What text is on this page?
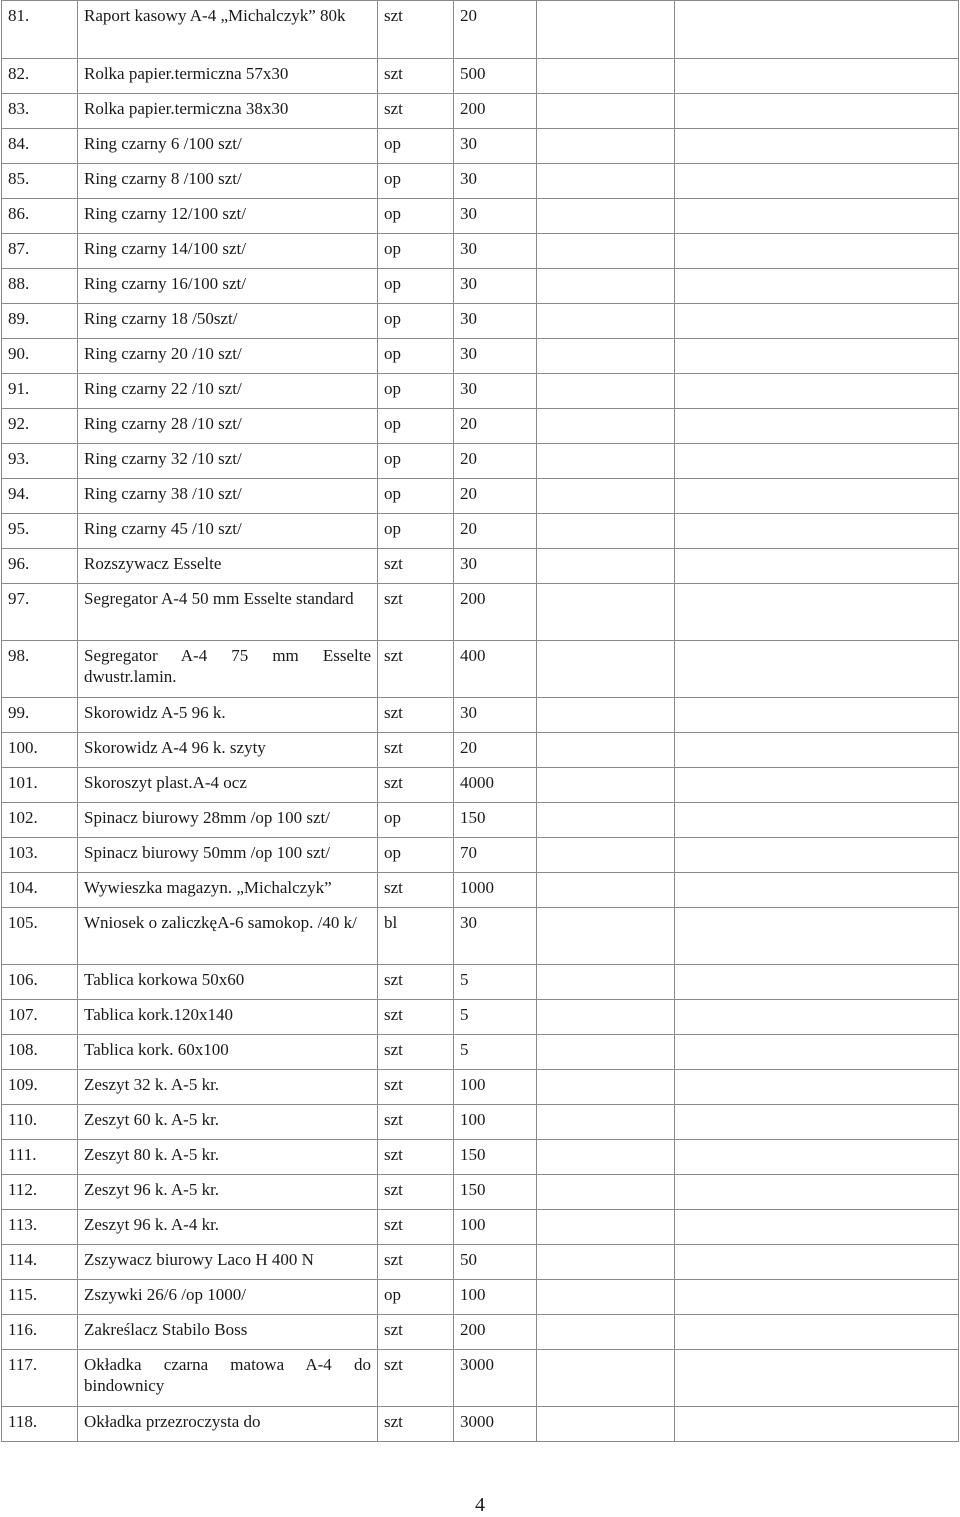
81.	Raport kasowy A-4 „Michalczyk” 80k	szt	20		
82.	Rolka papier.termiczna 57x30	szt	500		
83.	Rolka papier.termiczna 38x30	szt	200		
84.	Ring czarny 6 /100 szt/	op	30		
85.	Ring czarny 8 /100 szt/	op	30		
86.	Ring czarny 12/100 szt/	op	30		
87.	Ring czarny 14/100 szt/	op	30		
88.	Ring czarny 16/100 szt/	op	30		
89.	Ring czarny 18 /50szt/	op	30		
90.	Ring czarny 20 /10 szt/	op	30		
91.	Ring czarny 22 /10 szt/	op	30		
92.	Ring czarny 28 /10 szt/	op	20		
93.	Ring czarny 32 /10 szt/	op	20		
94.	Ring czarny 38 /10 szt/	op	20		
95.	Ring czarny 45 /10 szt/	op	20		
96.	Rozszywacz Esselte	szt	30		
97.	Segregator A-4 50 mm Esselte standard	szt	200		
98.	Segregator A-4 75 mm Esselte dwustr.lamin.	szt	400		
99.	Skorowidz A-5 96 k.	szt	30		
100.	Skorowidz A-4 96 k. szyty	szt	20		
101.	Skoroszyt plast.A-4 ocz	szt	4000		
102.	Spinacz biurowy 28mm /op 100 szt/	op	150		
103.	Spinacz biurowy 50mm /op 100 szt/	op	70		
104.	Wywieszka magazyn. „Michalczyk”	szt	1000		
105.	Wniosek o zaliczkęA-6 samokop. /40 k/	bl	30		
106.	Tablica korkowa 50x60	szt	5		
107.	Tablica kork.120x140	szt	5		
108.	Tablica kork. 60x100	szt	5		
109.	Zeszyt 32 k. A-5 kr.	szt	100		
110.	Zeszyt 60 k. A-5 kr.	szt	100		
111.	Zeszyt 80 k. A-5 kr.	szt	150		
112.	Zeszyt 96 k. A-5 kr.	szt	150		
113.	Zeszyt 96 k. A-4 kr.	szt	100		
114.	Zszywacz biurowy Laco H 400 N	szt	50		
115.	Zszywki 26/6 /op 1000/	op	100		
116.	Zakreślacz Stabilo Boss	szt	200		
117.	Okładka czarna matowa A-4 do bindownicy	szt	3000		
118.	Okładka przezroczysta do	szt	3000		
4
